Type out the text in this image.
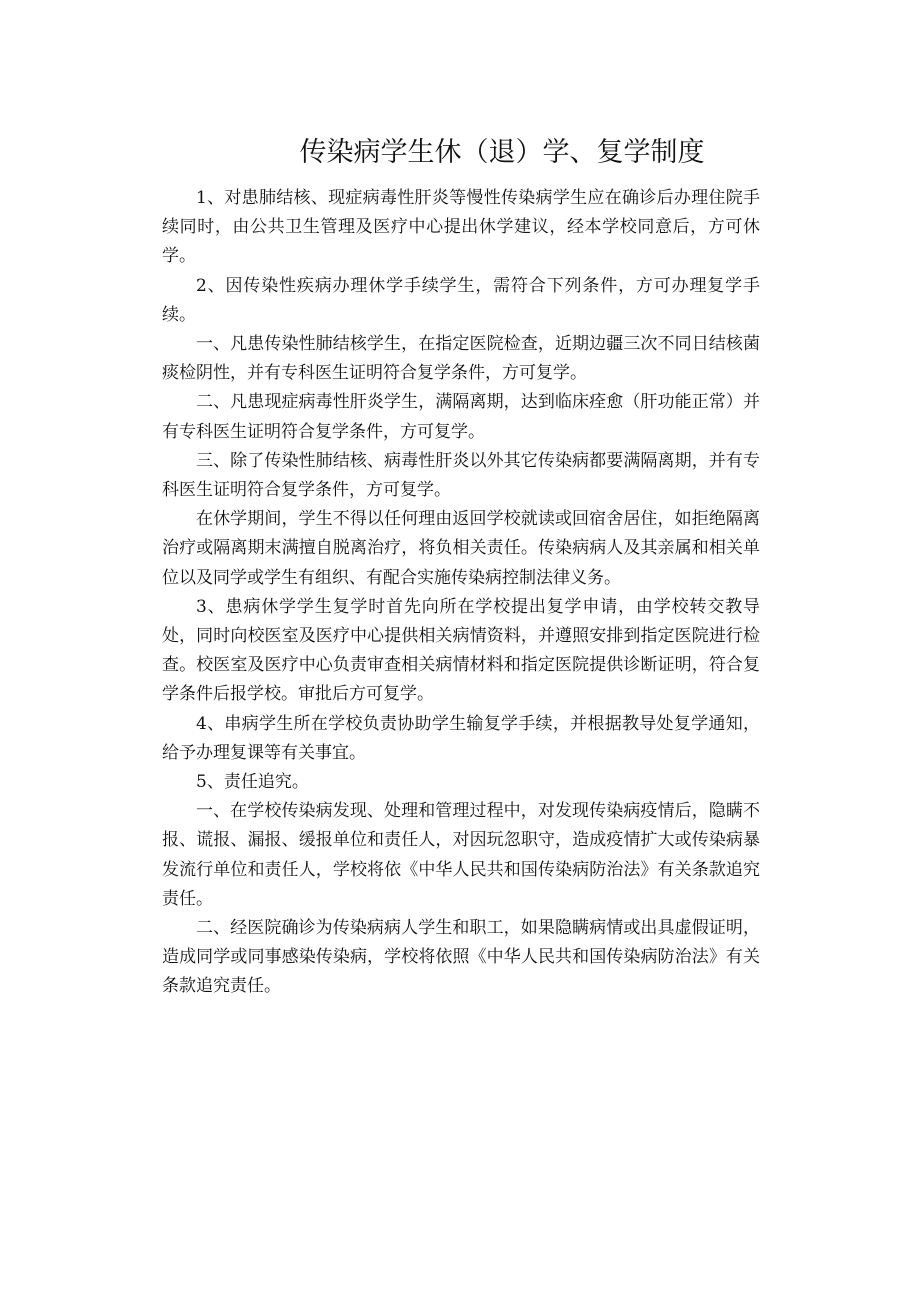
传染病学生休（退）学、复学制度

1、对患肺结核、现症病毒性肝炎等慢性传染病学生应在确诊后办理住院手续同时，由公共卫生管理及医疗中心提出休学建议，经本学校同意后，方可休学。

2、因传染性疾病办理休学手续学生，需符合下列条件，方可办理复学手续。

一、凡患传染性肺结核学生，在指定医院检查，近期边疆三次不同日结核菌痰检阴性，并有专科医生证明符合复学条件，方可复学。

二、凡患现症病毒性肝炎学生，满隔离期，达到临床痊愈（肝功能正常）并有专科医生证明符合复学条件，方可复学。

三、除了传染性肺结核、病毒性肝炎以外其它传染病都要满隔离期，并有专科医生证明符合复学条件，方可复学。

在休学期间，学生不得以任何理由返回学校就读或回宿舍居住，如拒绝隔离治疗或隔离期末满擅自脱离治疗，将负相关责任。传染病病人及其亲属和相关单位以及同学或学生有组织、有配合实施传染病控制法律义务。

3、患病休学学生复学时首先向所在学校提出复学申请，由学校转交教导处，同时向校医室及医疗中心提供相关病情资料，并遵照安排到指定医院进行检查。校医室及医疗中心负责审查相关病情材料和指定医院提供诊断证明，符合复学条件后报学校。审批后方可复学。

4、串病学生所在学校负责协助学生输复学手续，并根据教导处复学通知，给予办理复课等有关事宜。

5、责任追究。

一、在学校传染病发现、处理和管理过程中，对发现传染病疫情后，隐瞒不报、谎报、漏报、缓报单位和责任人，对因玩忽职守，造成疫情扩大或传染病暴发流行单位和责任人，学校将依《中华人民共和国传染病防治法》有关条款追究责任。

二、经医院确诊为传染病病人学生和职工，如果隐瞒病情或出具虚假证明，造成同学或同事感染传染病，学校将依照《中华人民共和国传染病防治法》有关条款追究责任。
